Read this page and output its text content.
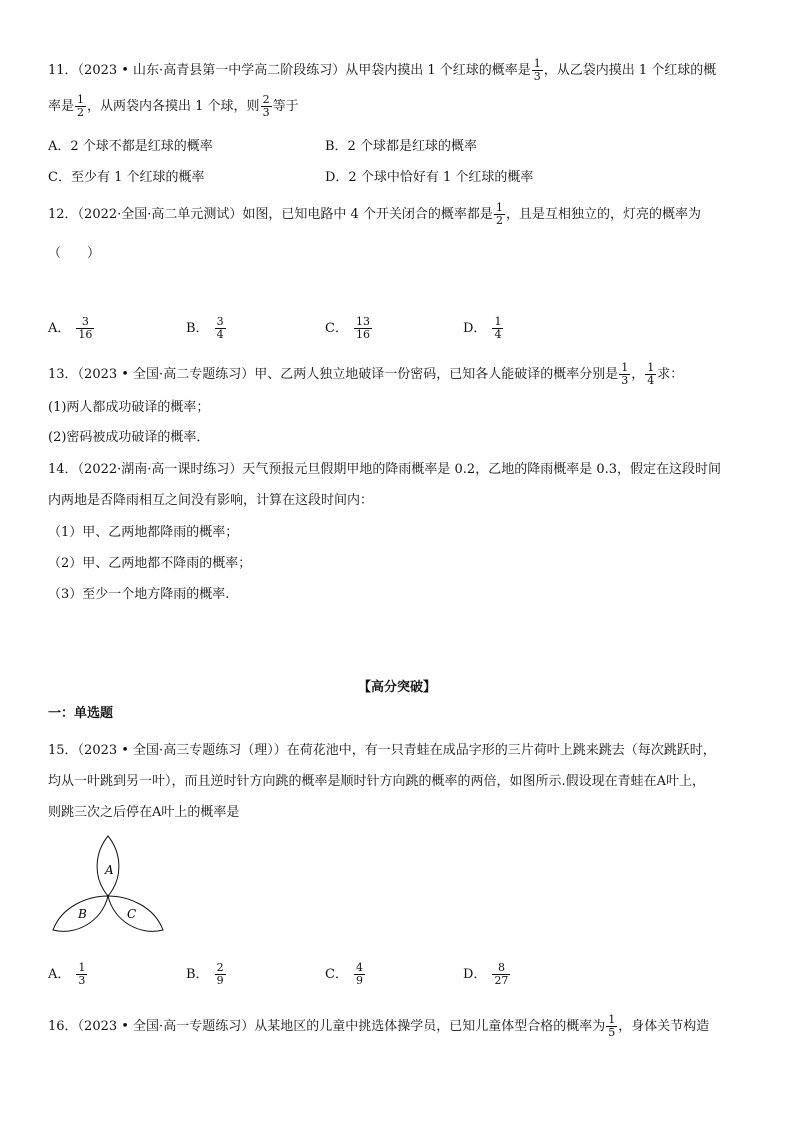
11．（2023 • 山东·高青县第一中学高二阶段练习）从甲袋内摸出 1 个红球的概率是 $\frac{1}{3}$ ，从乙袋内摸出 1 个红球的概
率是 $\frac{1}{2}$ ，从两袋内各摸出 1 个球，则 $\frac{2}{3}$ 等于
A．2 个球不都是红球的概率	B．2 个球都是红球的概率
C．至少有 1 个红球的概率	D．2 个球中恰好有 1 个红球的概率
12．（2022·全国·高二单元测试）如图，已知电路中 4 个开关闭合的概率都是 $\frac{1}{2}$ ，且是互相独立的，灯亮的概率为
（　　）
A． $\frac{3}{16}$	B． $\frac{3}{4}$	C． $\frac{13}{16}$	D． $\frac{1}{4}$
13．（2023 • 全国·高二专题练习）甲、乙两人独立地破译一份密码，已知各人能破译的概率分别是 $\frac{1}{3}$ ， $\frac{1}{4}$ 求：
(1)两人都成功破译的概率；
(2)密码被成功破译的概率．
14．（2022·湖南·高一课时练习）天气预报元旦假期甲地的降雨概率是 0.2，乙地的降雨概率是 0.3，假定在这段时间
内两地是否降雨相互之间没有影响，计算在这段时间内：
（1）甲、乙两地都降雨的概率；
（2）甲、乙两地都不降雨的概率；
（3）至少一个地方降雨的概率.
【高分突破】
一：单选题
15．（2023 • 全国·高三专题练习（理））在荷花池中，有一只青蛙在成品字形的三片荷叶上跳来跳去（每次跳跃时，
均从一叶跳到另一叶），而且逆时针方向跳的概率是顺时针方向跳的概率的两倍，如图所示.假设现在青蛙在A叶上，
则跳三次之后停在A叶上的概率是
A
B	C
A． $\frac{1}{3}$	B． $\frac{2}{9}$	C． $\frac{4}{9}$	D． $\frac{8}{27}$
16．（2023 • 全国·高一专题练习）从某地区的儿童中挑选体操学员，已知儿童体型合格的概率为 $\frac{1}{5}$ ，身体关节构造
